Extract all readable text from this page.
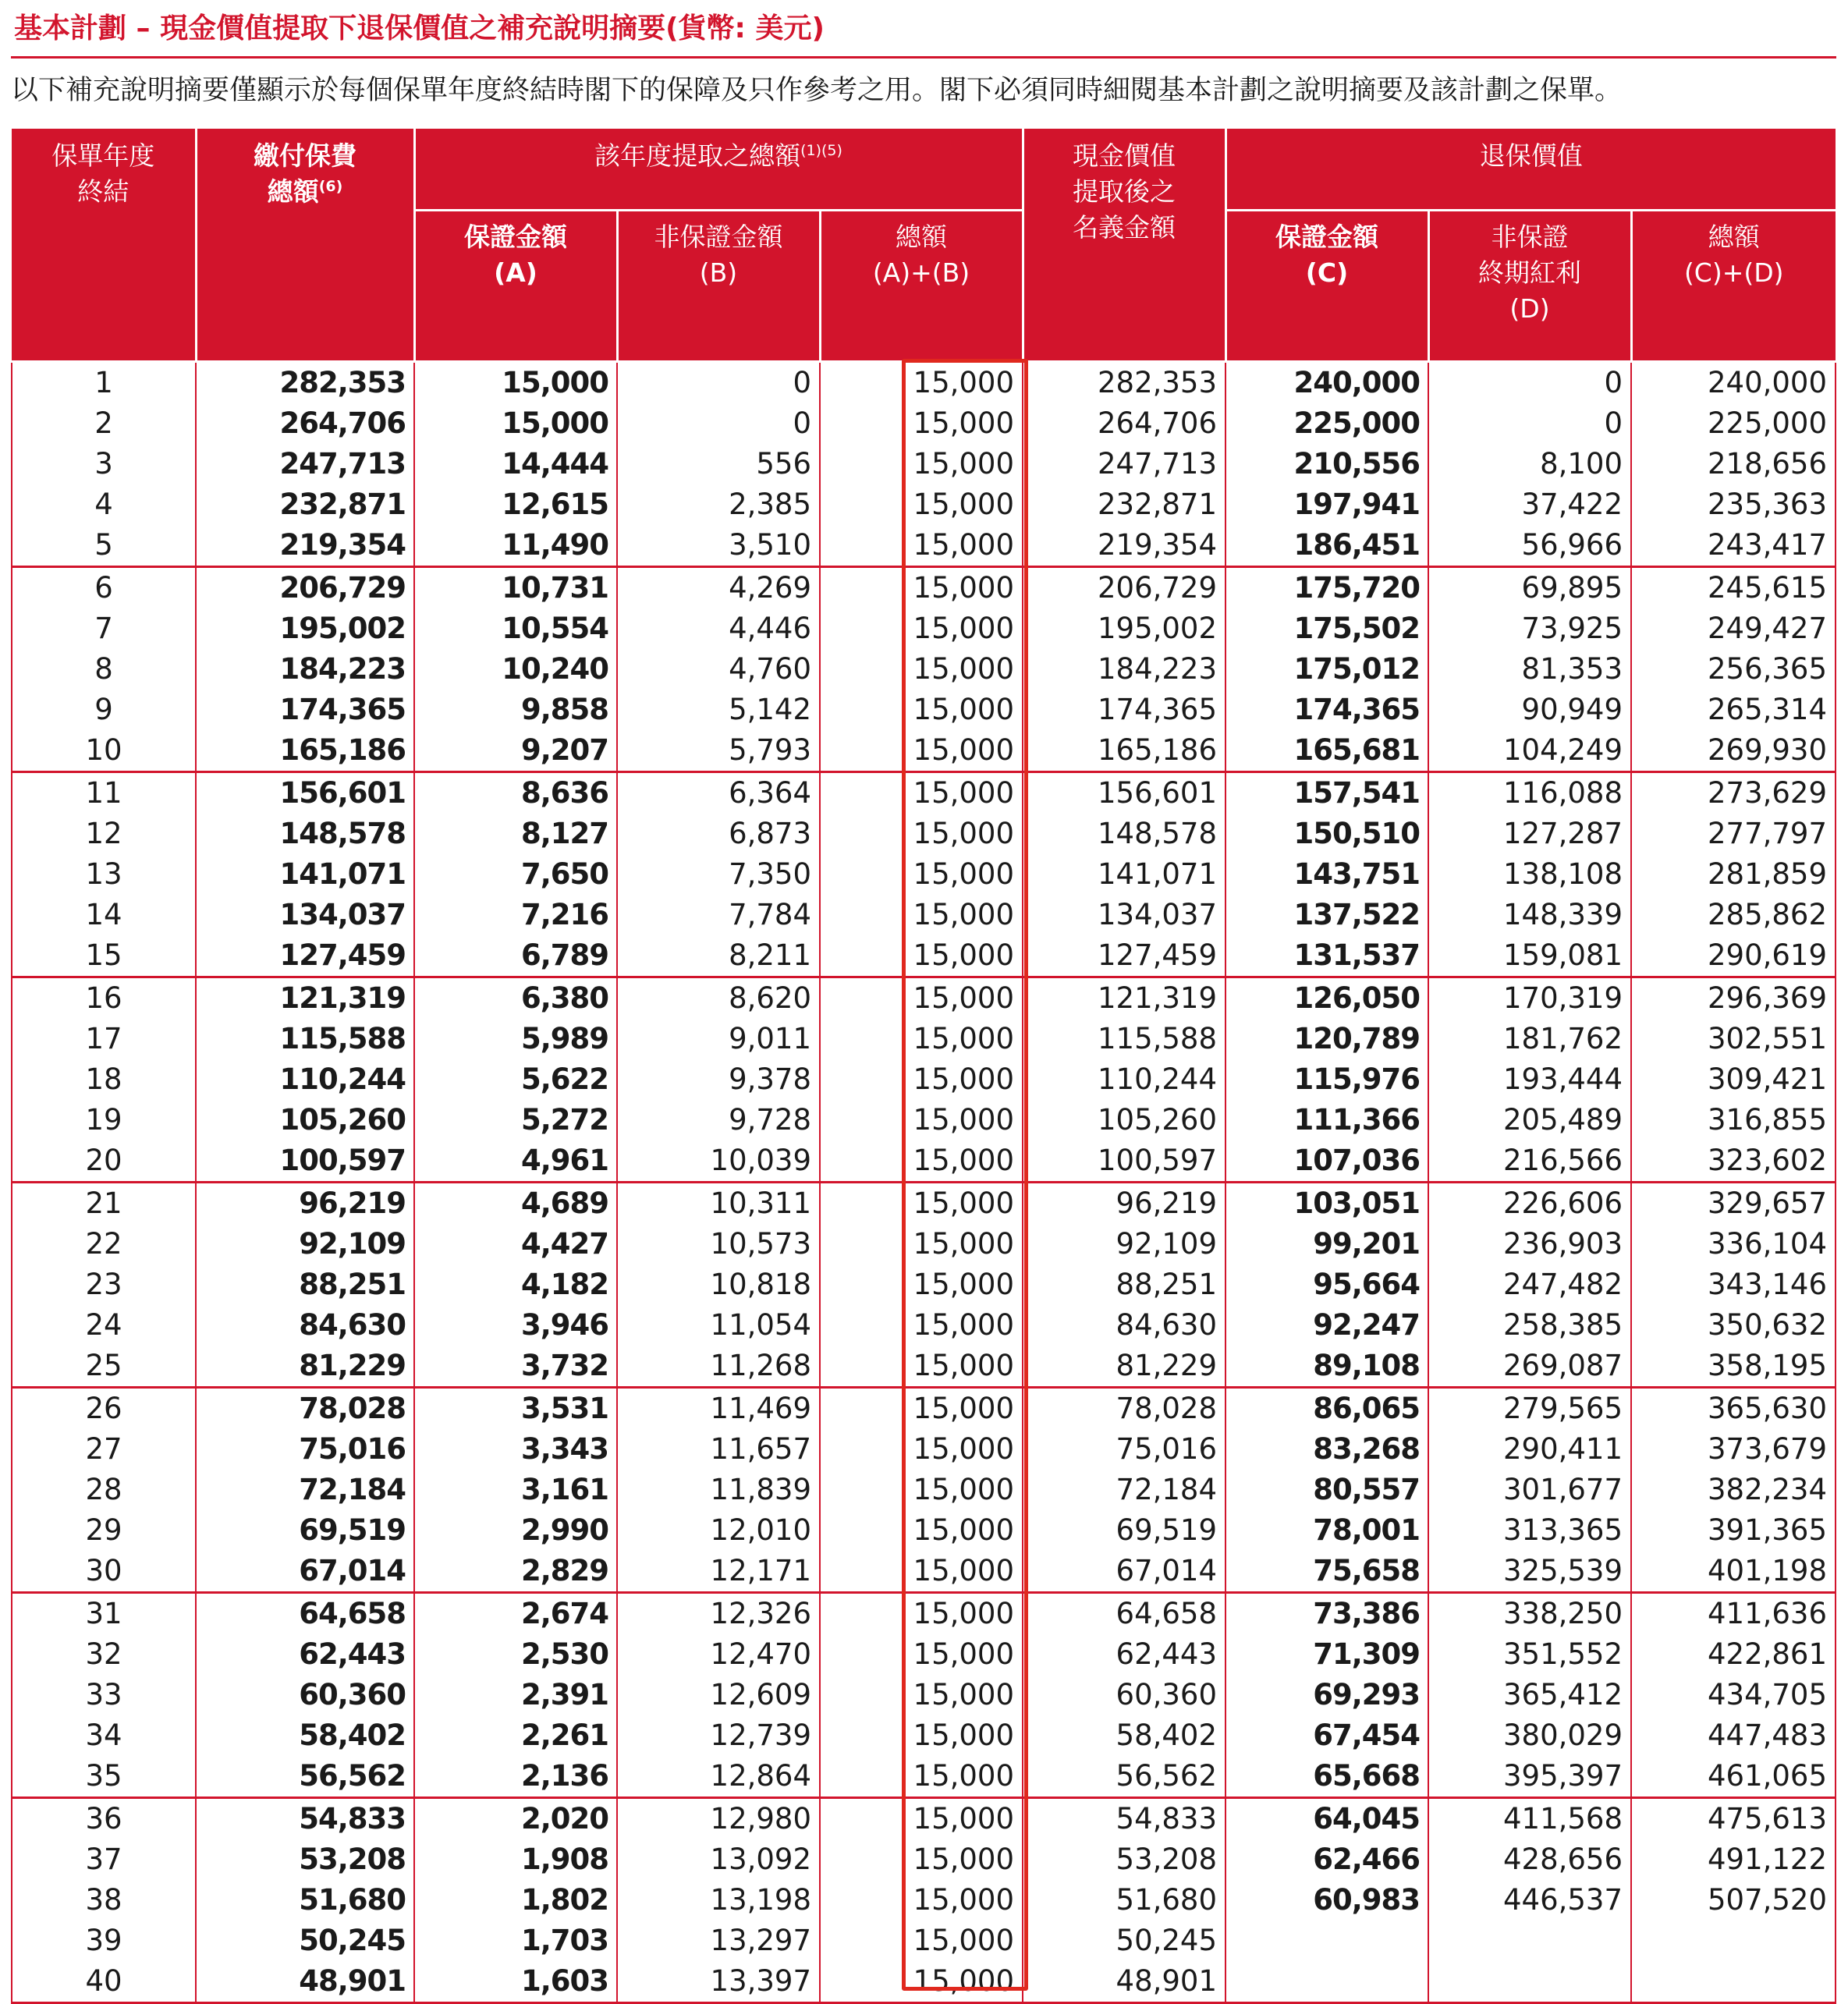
基本計劃 – 現金價值提取下退保價值之補充說明摘要(貨幣: 美元)
以下補充說明摘要僅顯示於每個保單年度終結時閣下的保障及只作參考之用。閣下必須同時細閱基本計劃之說明摘要及該計劃之保單。
保單年度
終結	繳付保費
總額$^{(6)}$	該年度提取之總額$^{(1)(5)}$			現金價值
提取後之
名義金額	退保價值		

		保證金額
(A)	非保證金額
(B)	總額
(A)+(B)		保證金額
(C)	非保證
終期紅利
(D)	總額
(C)+(D)

1	282,353	15,000	0	15,000	282,353	240,000	0	240,000
2	264,706	15,000	0	15,000	264,706	225,000	0	225,000
3	247,713	14,444	556	15,000	247,713	210,556	8,100	218,656
4	232,871	12,615	2,385	15,000	232,871	197,941	37,422	235,363
5	219,354	11,490	3,510	15,000	219,354	186,451	56,966	243,417
6	206,729	10,731	4,269	15,000	206,729	175,720	69,895	245,615
7	195,002	10,554	4,446	15,000	195,002	175,502	73,925	249,427
8	184,223	10,240	4,760	15,000	184,223	175,012	81,353	256,365
9	174,365	9,858	5,142	15,000	174,365	174,365	90,949	265,314
10	165,186	9,207	5,793	15,000	165,186	165,681	104,249	269,930
11	156,601	8,636	6,364	15,000	156,601	157,541	116,088	273,629
12	148,578	8,127	6,873	15,000	148,578	150,510	127,287	277,797
13	141,071	7,650	7,350	15,000	141,071	143,751	138,108	281,859
14	134,037	7,216	7,784	15,000	134,037	137,522	148,339	285,862
15	127,459	6,789	8,211	15,000	127,459	131,537	159,081	290,619
16	121,319	6,380	8,620	15,000	121,319	126,050	170,319	296,369
17	115,588	5,989	9,011	15,000	115,588	120,789	181,762	302,551
18	110,244	5,622	9,378	15,000	110,244	115,976	193,444	309,421
19	105,260	5,272	9,728	15,000	105,260	111,366	205,489	316,855
20	100,597	4,961	10,039	15,000	100,597	107,036	216,566	323,602
21	96,219	4,689	10,311	15,000	96,219	103,051	226,606	329,657
22	92,109	4,427	10,573	15,000	92,109	99,201	236,903	336,104
23	88,251	4,182	10,818	15,000	88,251	95,664	247,482	343,146
24	84,630	3,946	11,054	15,000	84,630	92,247	258,385	350,632
25	81,229	3,732	11,268	15,000	81,229	89,108	269,087	358,195
26	78,028	3,531	11,469	15,000	78,028	86,065	279,565	365,630
27	75,016	3,343	11,657	15,000	75,016	83,268	290,411	373,679
28	72,184	3,161	11,839	15,000	72,184	80,557	301,677	382,234
29	69,519	2,990	12,010	15,000	69,519	78,001	313,365	391,365
30	67,014	2,829	12,171	15,000	67,014	75,658	325,539	401,198
31	64,658	2,674	12,326	15,000	64,658	73,386	338,250	411,636
32	62,443	2,530	12,470	15,000	62,443	71,309	351,552	422,861
33	60,360	2,391	12,609	15,000	60,360	69,293	365,412	434,705
34	58,402	2,261	12,739	15,000	58,402	67,454	380,029	447,483
35	56,562	2,136	12,864	15,000	56,562	65,668	395,397	461,065
36	54,833	2,020	12,980	15,000	54,833	64,045	411,568	475,613
37	53,208	1,908	13,092	15,000	53,208	62,466	428,656	491,122
38	51,680	1,802	13,198	15,000	51,680	60,983	446,537	507,520
39	50,245	1,703	13,297	15,000	50,245			
40	48,901	1,603	13,397	15,000	48,901			
